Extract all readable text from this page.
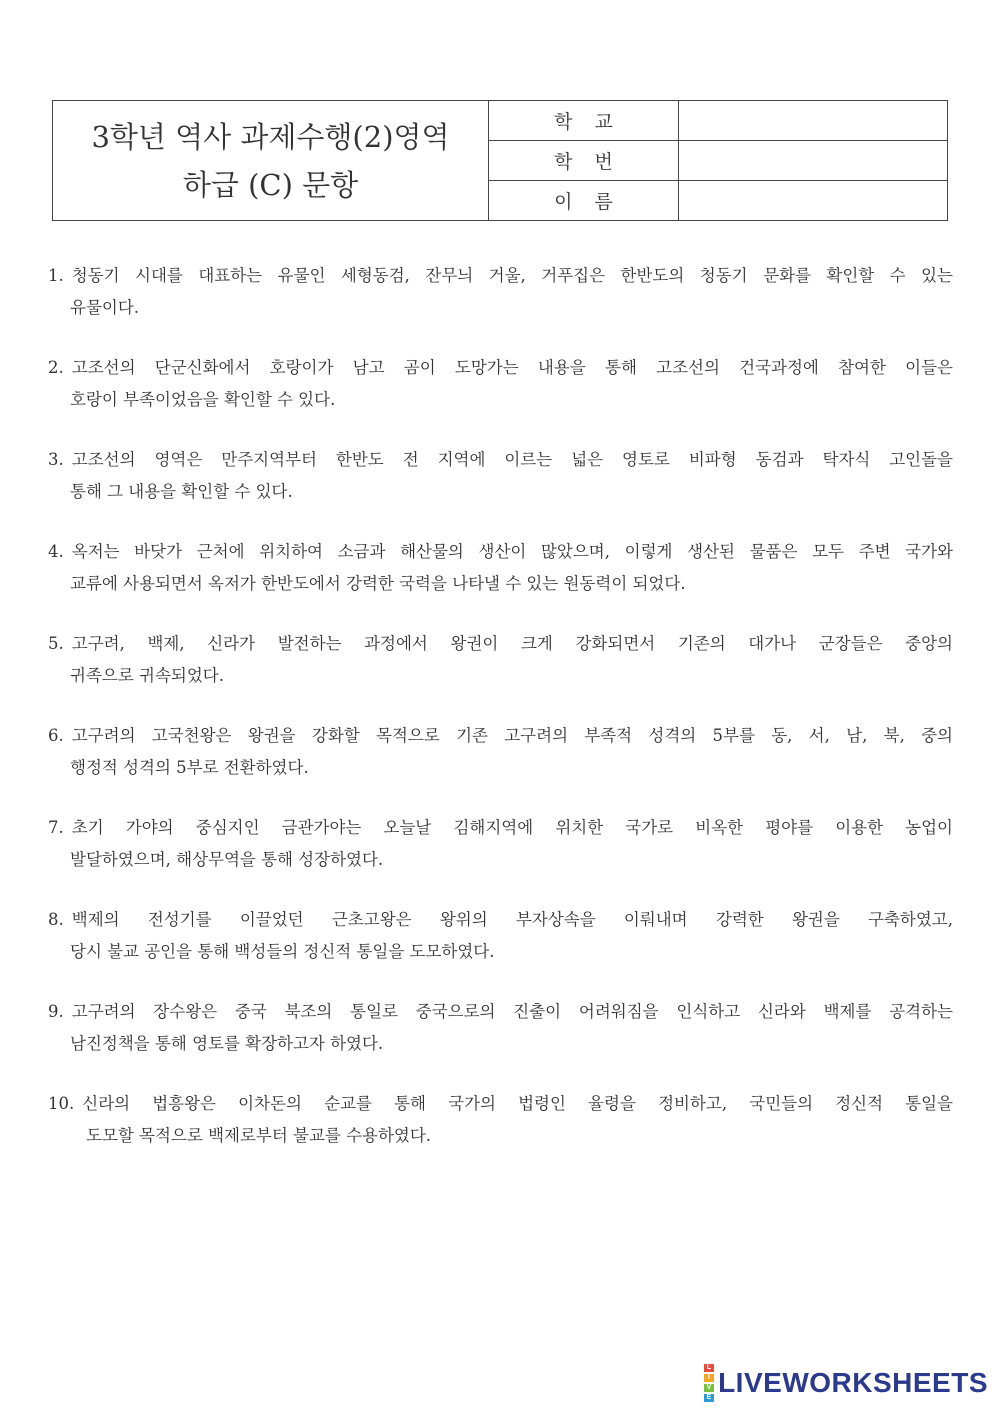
3학년 역사 과제수행(2)영역
하급 (C) 문항
학교
학번
이름
1. 청동기 시대를 대표하는 유물인 세형동검, 잔무늬 거울, 거푸집은 한반도의 청동기 문화를 확인할 수 있는
유물이다.
2. 고조선의 단군신화에서 호랑이가 남고 곰이 도망가는 내용을 통해 고조선의 건국과정에 참여한 이들은
호랑이 부족이었음을 확인할 수 있다.
3. 고조선의 영역은 만주지역부터 한반도 전 지역에 이르는 넓은 영토로 비파형 동검과 탁자식 고인돌을
통해 그 내용을 확인할 수 있다.
4. 옥저는 바닷가 근처에 위치하여 소금과 해산물의 생산이 많았으며, 이렇게 생산된 물품은 모두 주변 국가와
교류에 사용되면서 옥저가 한반도에서 강력한 국력을 나타낼 수 있는 원동력이 되었다.
5. 고구려, 백제, 신라가 발전하는 과정에서 왕권이 크게 강화되면서 기존의 대가나 군장들은 중앙의
귀족으로 귀속되었다.
6. 고구려의 고국천왕은 왕권을 강화할 목적으로 기존 고구려의 부족적 성격의 5부를 동, 서, 남, 북, 중의
행정적 성격의 5부로 전환하였다.
7. 초기 가야의 중심지인 금관가야는 오늘날 김해지역에 위치한 국가로 비옥한 평야를 이용한 농업이
발달하였으며, 해상무역을 통해 성장하였다.
8. 백제의 전성기를 이끌었던 근초고왕은 왕위의 부자상속을 이뤄내며 강력한 왕권을 구축하였고,
당시 불교 공인을 통해 백성들의 정신적 통일을 도모하였다.
9. 고구려의 장수왕은 중국 북조의 통일로 중국으로의 진출이 어려워짐을 인식하고 신라와 백제를 공격하는
남진정책을 통해 영토를 확장하고자 하였다.
10. 신라의 법흥왕은 이차돈의 순교를 통해 국가의 법령인 율령을 정비하고, 국민들의 정신적 통일을
도모할 목적으로 백제로부터 불교를 수용하였다.
L
I
V
E LIVEWORKSHEETS
